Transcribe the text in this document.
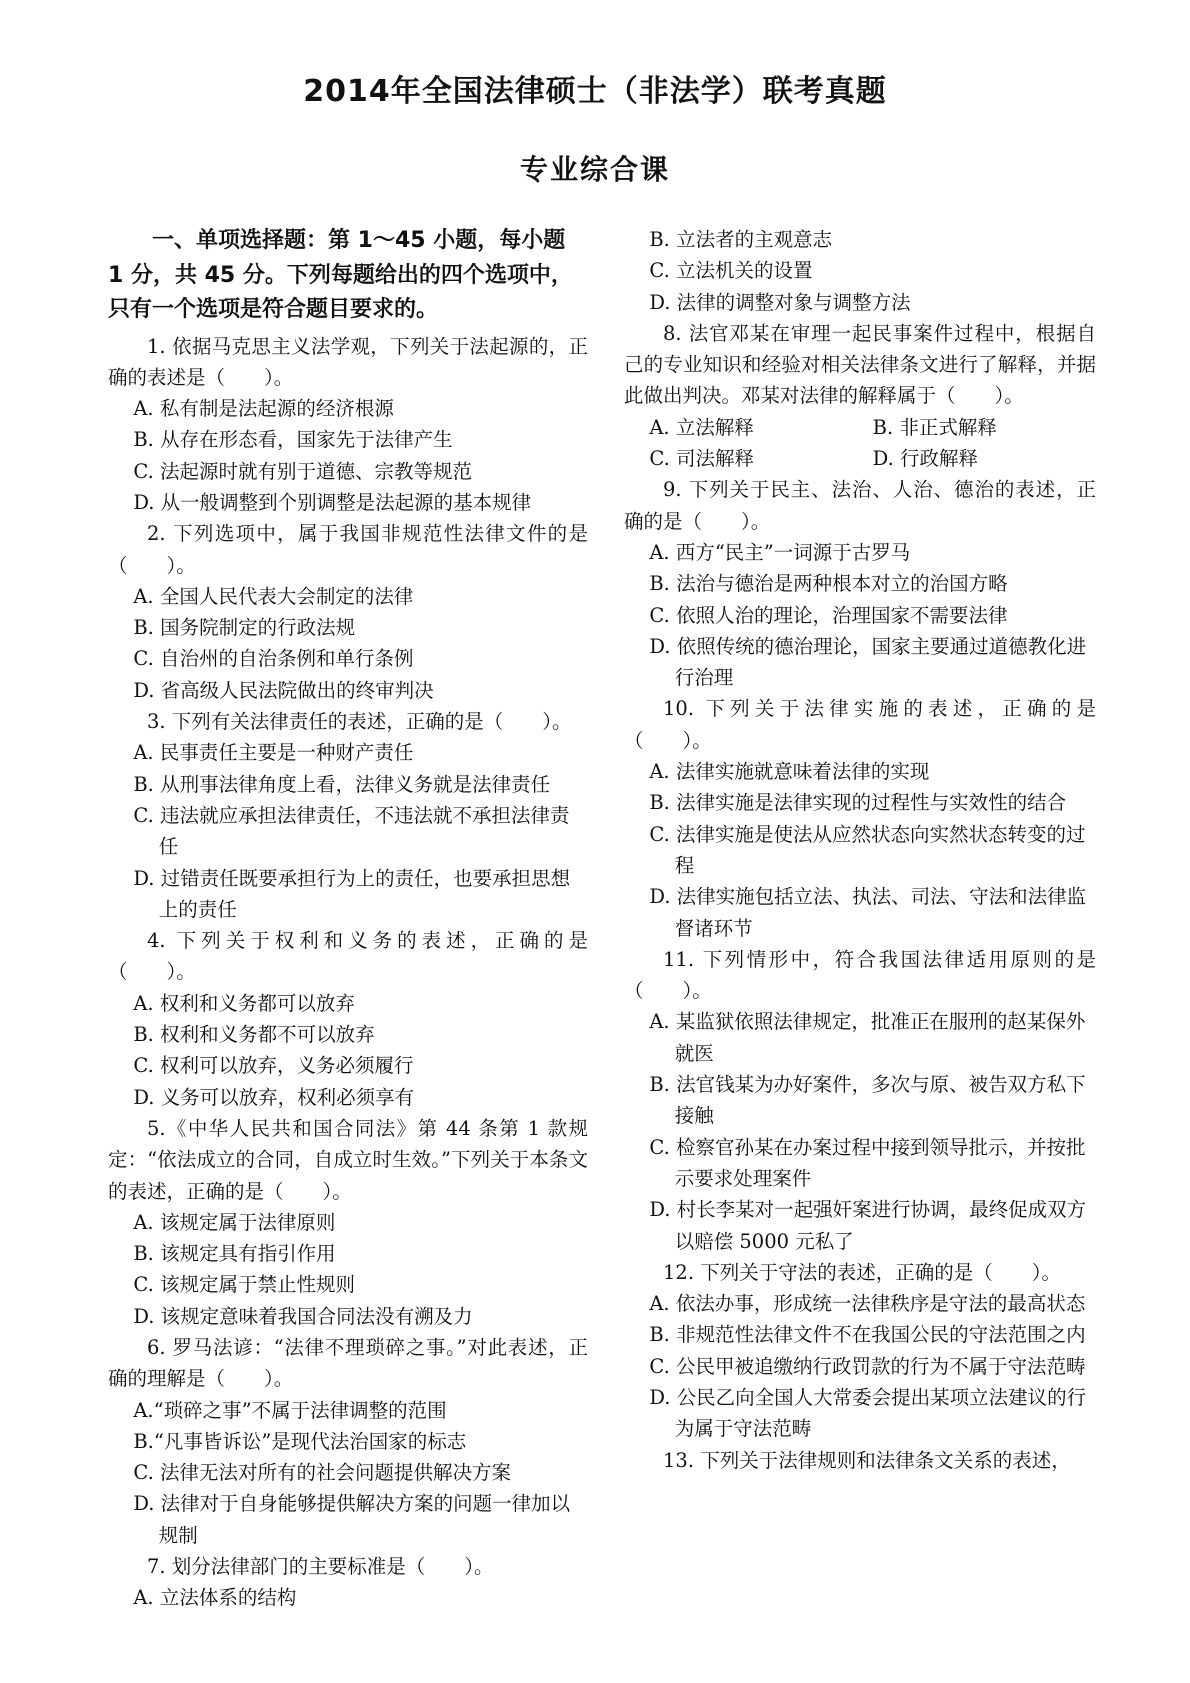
2014年全国法律硕士（非法学）联考真题
专业综合课
一、单项选择题：第 1～45 小题，每小题 1 分，共 45 分。下列每题给出的四个选项中，只有一个选项是符合题目要求的。
1. 依据马克思主义法学观，下列关于法起源的，正确的表述是（　　）。
A. 私有制是法起源的经济根源
B. 从存在形态看，国家先于法律产生
C. 法起源时就有别于道德、宗教等规范
D. 从一般调整到个别调整是法起源的基本规律
2. 下列选项中，属于我国非规范性法律文件的是（　　）。
A. 全国人民代表大会制定的法律
B. 国务院制定的行政法规
C. 自治州的自治条例和单行条例
D. 省高级人民法院做出的终审判决
3. 下列有关法律责任的表述，正确的是（　　）。
A. 民事责任主要是一种财产责任
B. 从刑事法律角度上看，法律义务就是法律责任
C. 违法就应承担法律责任，不违法就不承担法律责任
D. 过错责任既要承担行为上的责任，也要承担思想上的责任
4. 下列关于权利和义务的表述，正确的是（　　）。
A. 权利和义务都可以放弃
B. 权利和义务都不可以放弃
C. 权利可以放弃，义务必须履行
D. 义务可以放弃，权利必须享有
5.《中华人民共和国合同法》第 44 条第 1 款规定：“依法成立的合同，自成立时生效。”下列关于本条文的表述，正确的是（　　）。
A. 该规定属于法律原则
B. 该规定具有指引作用
C. 该规定属于禁止性规则
D. 该规定意味着我国合同法没有溯及力
6. 罗马法谚：“法律不理琐碎之事。”对此表述，正确的理解是（　　）。
A.“琐碎之事”不属于法律调整的范围
B.“凡事皆诉讼”是现代法治国家的标志
C. 法律无法对所有的社会问题提供解决方案
D. 法律对于自身能够提供解决方案的问题一律加以规制
7. 划分法律部门的主要标准是（　　）。
A. 立法体系的结构
B. 立法者的主观意志
C. 立法机关的设置
D. 法律的调整对象与调整方法
8. 法官邓某在审理一起民事案件过程中，根据自己的专业知识和经验对相关法律条文进行了解释，并据此做出判决。邓某对法律的解释属于（　　）。
A. 立法解释	B. 非正式解释
C. 司法解释	D. 行政解释
9. 下列关于民主、法治、人治、德治的表述，正确的是（　　）。
A. 西方“民主”一词源于古罗马
B. 法治与德治是两种根本对立的治国方略
C. 依照人治的理论，治理国家不需要法律
D. 依照传统的德治理论，国家主要通过道德教化进行治理
10. 下列关于法律实施的表述，正确的是（　　）。
A. 法律实施就意味着法律的实现
B. 法律实施是法律实现的过程性与实效性的结合
C. 法律实施是使法从应然状态向实然状态转变的过程
D. 法律实施包括立法、执法、司法、守法和法律监督诸环节
11. 下列情形中，符合我国法律适用原则的是（　　）。
A. 某监狱依照法律规定，批准正在服刑的赵某保外就医
B. 法官钱某为办好案件，多次与原、被告双方私下接触
C. 检察官孙某在办案过程中接到领导批示，并按批示要求处理案件
D. 村长李某对一起强奸案进行协调，最终促成双方以赔偿 5000 元私了
12. 下列关于守法的表述，正确的是（　　）。
A. 依法办事，形成统一法律秩序是守法的最高状态
B. 非规范性法律文件不在我国公民的守法范围之内
C. 公民甲被追缴纳行政罚款的行为不属于守法范畴
D. 公民乙向全国人大常委会提出某项立法建议的行为属于守法范畴
13. 下列关于法律规则和法律条文关系的表述，
